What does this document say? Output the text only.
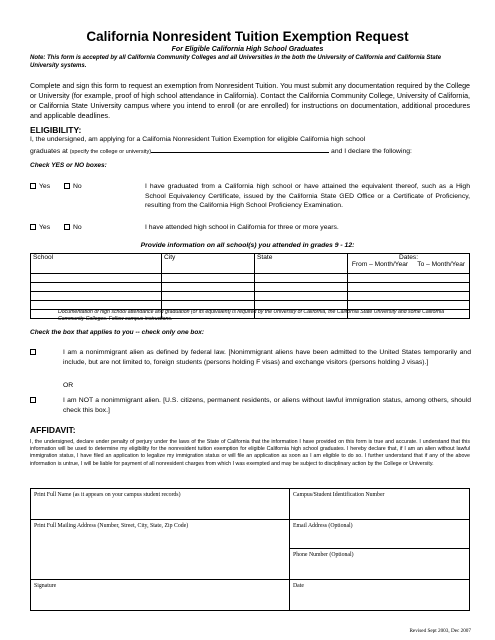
California Nonresident Tuition Exemption Request
For Eligible California High School Graduates
Note: This form is accepted by all California Community Colleges and all Universities in the both the University of California and California State University systems.
Complete and sign this form to request an exemption from Nonresident Tuition. You must submit any documentation required by the College or University (for example, proof of high school attendance in California). Contact the California Community College, University of California, or California State University campus where you intend to enroll (or are enrolled) for instructions on documentation, additional procedures and applicable deadlines.
ELIGIBILITY:
I, the undersigned, am applying for a California Nonresident Tuition Exemption for eligible California high school
graduates at (specify the college or university)	and I declare the following:
Check YES or NO boxes:
Yes	No	I have graduated from a California high school or have attained the equivalent thereof, such as a High School Equivalency Certificate, issued by the California State GED Office or a Certificate of Proficiency, resulting from the California High School Proficiency Examination.
Yes	No	I have attended high school in California for three or more years.
Provide information on all school(s) you attended in grades 9 - 12:
School	City	State	Dates:
From – Month/Year To – Month/Year

Documentation of high school attendance and graduation (or its equivalent) is required by the University of California, the California State University and some California Community Colleges. Follow campus instructions.
Check the box that applies to you -- check only one box:
I am a nonimmigrant alien as defined by federal law. [Nonimmigrant aliens have been admitted to the United States temporarily and include, but are not limited to, foreign students (persons holding F visas) and exchange visitors (persons holding J visas).]
OR
I am NOT a nonimmigrant alien. [U.S. citizens, permanent residents, or aliens without lawful immigration status, among others, should check this box.]
AFFIDAVIT:
I, the undersigned, declare under penalty of perjury under the laws of the State of California that the information I have provided on this form is true and accurate. I understand that this information will be used to determine my eligibility for the nonresident tuition exemption for eligible California high school graduates. I hereby declare that, if I am an alien without lawful immigration status, I have filed an application to legalize my immigration status or will file an application as soon as I am eligible to do so. I further understand that if any of the above information is untrue, I will be liable for payment of all nonresident charges from which I was exempted and may be subject to disciplinary action by the College or University.
Print Full Name (as it appears on your campus student records)	Campus/Student Identification Number
Print Full Mailing Address (Number, Street, City, State, Zip Code)	Email Address (Optional)
	Phone Number (Optional)
Signature	Date
Revised Sept 2003, Dec 2007
